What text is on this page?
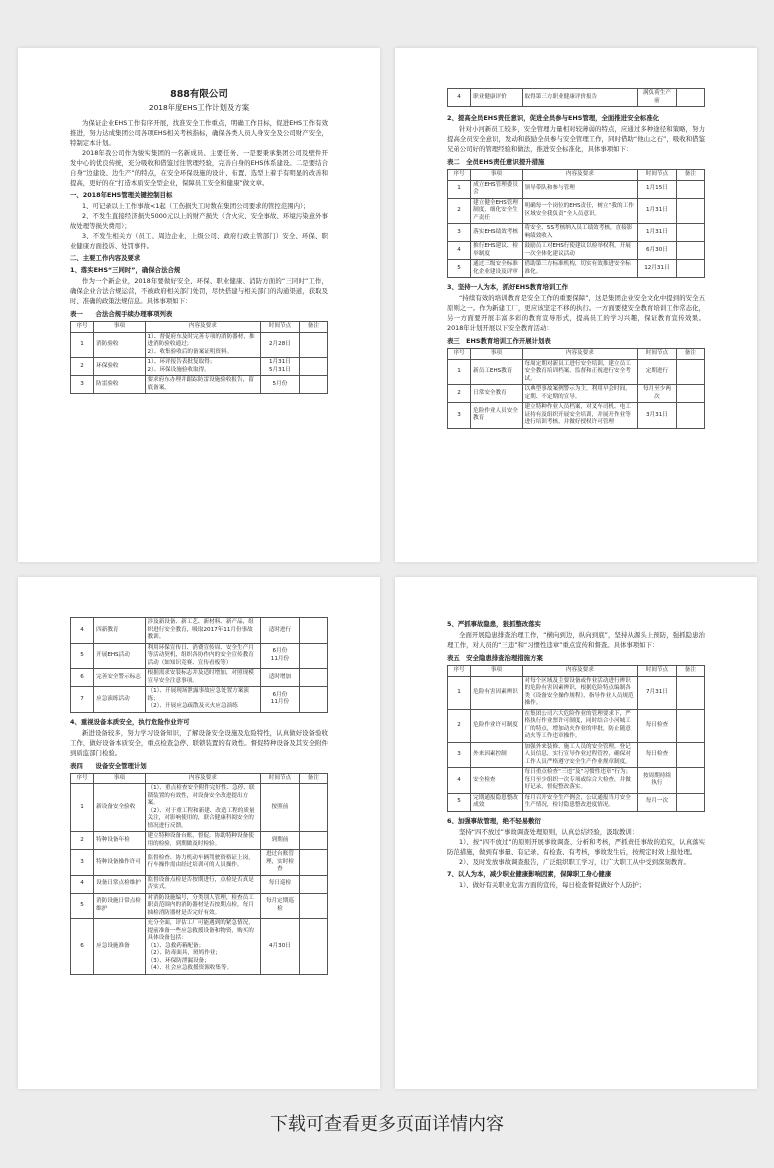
888有限公司
2018年度EHS工作计划及方案

为保证企业EHS工作有序开展，找准安全工作重点，明确工作目标，促进EHS工作有效推进，努力达成集团公司各项EHS相关考核指标，确保各类人员人身安全及公司财产安全，特制定本计划。

2018年我公司作为骏实集团的一名新成员、主要任务、一是要秉承集团公司及壁件开发中心的优良传统，充分吸收和借鉴过往管理经验，完善自身的EHS体系建设。二是要结合自身“边建设、边生产”的特点，在安全环保设施的设计、布置、选型上着手有明显的改善和提高，更好的在“打造本质安全型企业，保障员工安全和健康”做文章。

一、2018年EHS管理关键控制目标

1、可记录以上工作事故<1起（工伤损失工时数在集团公司要求的管控范围内）；

2、不发生直接经济损失5000元以上的财产损失（含火灾、安全事故、环境污染意外事故处理等损失费用）；

3、不发生相关方（员工、周边企业、上级公司、政府行政主管部门）安全、环保、职业健康方面投诉、处罚事件。

二、主要工作内容及要求
1、落实EHS“三同时”，确保合法合规

作为一个新企业，2018年要做好安全、环保、职业健康、消防方面的“三同时”工作，确保企业合法合规运营，不被政府相关部门处罚，尽快搭建与相关部门的沟通渠道，获取及时、准确的政策法规信息。具体事项如下：

表一　　合法合规手续办理事项列表
序号	事项	内容及要求	时间节点	备注
1	消防验收	1）、督促府东及时完善专项的消防器材，推进消防验收通过；
2）、收集验收后的备案证明资料。	2月28日	
2	环保验收	1）、环评报告表批复取得；
2）、环保设施验收取得。	1月31日
5月31日	
3	防雷验收	要求府东办理并跟踪防雷设施验收报告，留底备案。	5月份	
4	职业健康评价	取得第三方职业健康评价报告	满负荷生产前	
2、提高全员EHS责任意识，促进全员参与EHS管理，全面推进安全标准化

针对小河新员工较多，安全管理力量相对较薄弱的特点，应通过多种途径和策略，努力提高全员安全意识，发动和鼓励全员参与安全管理工作，同时借助“他山之石”，吸收和借鉴兄弟公司好的管理经验和做法，推进安全标准化，具体事项如下：

表二　全员EHS责任意识提升措施
序号	事项	内容及要求	时间节点	备注
1	成立EHS管理委员会	领导带队和参与管理	1月15日	
2	建立健全EHS管理制度，细化安全生产责任	明确每一个岗位的EHS责任，树立“我的工作区域安全我负责”全人员意识。	1月31日	
3	落实EHS绩效考核	将安全、5S考核纳入员工绩效考核，直接影响绩效收入	1月31日	
4	推行EHS建议、检举制度	鼓励员工对EHS行使建议以检举权利，开展一次全体化建议活动	6月30日	
5	通过三级安全标准化企业建设及评审	借助第三方标准机构，切实有效推进安全标准化。	12月31日	
3、坚持一人为本，抓好EHS教育培训工作

“持续有效的培训教育是安全工作的重要保障”，这是集团企业安全文化中提到的安全五原则之一。作为新建工厂，更应该坚定不移的执行。一方面要使安全教育培训工作常态化，另一方面要开展丰富多彩的教育宣导形式，提高员工的学习兴趣，保证教育宣传效果。2018年计划开展以下安全教育活动：

表三　EHS教育培训工作开展计划表
序号	事项	内容及要求	时间节点	备注
1	新员工EHS教育	每周定期对新员工进行安全培训，建立员工安全教育培训档案，监督和正视进行安全考试。	定期进行	
2	日常安全教育	以典型事故案例警示为主，利用早会时间，定期、不定期的宣导。	每月至少两次	
3	危险作业人员安全教育	建立特种作业人员档案，对叉车司机、电工证持有及组织开展安全培训，并展开作业等进行培训考核，并做好授权许可管理	3月31日	
4	四新教育	涉及新设备、新工艺、新材料、新产品，组织进行安全教育，吸取2017年11月份事故教训。	适时进行	
5	开展EHS活动	利用环保宣传日、消费宣传周、安全生产月等活动契机，组织各协作内的安全宣传教育活动（如知识竞赛、宣传看板等）	6月份
11月份	
6	完善安全警示标志	根据需求安装标志并及适时增加，对照现模宣导安全注意事项。	适时增加	
7	应急演练活动	（1）、开展现场泄露事故应急处置方案演练；
（2）、开展应急疏散及灭火应急演练	6月份
11月份	
4、重视设备本质安全，执行危险作业许可

新进设备较多，努力学习设备知识，了解设备安全设施及危险特性，认真做好设备验收工作，做好设备本质安全，重点检查急停、联锁装置的有效性。督促特种设备及其安全附件到质监部门检验。

表四　　设备安全管理计划
序号	事项	内容及要求	时间节点	备注
1	新设备安全验收	（1）、重点检查安全附件完好性、急停、联锁装置的有效性，对设备安全改进提出方案。
（2）、对于重工程和新建、改造工程的质量关注，对影响使用的，联合健康科阅安全的情况进行反馈。	按照前	
2	特种设备年检	建立特种设备台账，督促，协助特种设备使用的检验，到期做及时检验。	到期前	
3	特种设备操作许可	监督检查、协力机动车辆驾驶资格证上岗，行车操作需由经过培训可的人员操作。	进过台账管理，实时检查	
4	设备日常点检维护	监督设备点检是否按期进行，点检是否真是否实式。	每日巡检	
5	消防设施日常点检维护	对消防设施编号，分类别人管理，检查员工职责范围内的消防器材是否按期点检，每月抽检消防器材是否完好有效。	每月定期巡检	
6	应急设施准备	充分全面，评估工厂可能遇到的紧急情况，提前准备一些应急救援设备和物资，购买的具体设备包括：
（1）、急救药箱配备；
（2）、防毒面具，斑鸠作业；
（3）、环保防泄漏设备；
（4）、社会应急救援资源收集等。	4月30日	
5、严抓事故隐患，狠抓整改落实

全面开展隐患排查治理工作，“横向到边，纵向到底”，坚持从源头上预防，强抓隐患治理工作，对人员的“三违”和“习惯性违章”重点宣传和督查。具体事项如下：

表五　安全隐患排查治理措施方案
序号	事项	内容及要求	时间节点	备注
1	危险有害因素辨识	对每个区域及主要设备或作业活动进行辨识的危险有害因素辨识，根据危险特点编制各类《设备安全操作规程》，指导作业人员规范操作。	7月31日	
2	危险作业许可制度	在集团公司六大危险作业的管理要求下，严格执行作业票许可制度，同时结合小河城工厂的特点，增加动火作业的审批，防止随意动火等工作违章操作。	每日检查	
3	外来因素控制	加强外来装修、施工人员的安全管理，登记人员信息，实行宣导作业过程管控，确保对工作人员严格遵守安全生产作业规章制度。	每日检查	
4	安全检查	每日重点检查“三违”及“习惯性违章”行为；每月至少组织一次专项或综合大检查，并做好记录，督促整改落实。	按周期持续执行	
5	完期通报隐患整改成效	每月召开安全生产例会，公议通报当月安全生产情况，检讨隐患整改进度情况。	每月一次	
6、加强事故管理，绝不轻易敷衍

坚持“四不放过”事故调查处理原则，认真总结经验，汲取教训：

1）、按“四不放过”的原则开展事故调查、分析和考核，严抓责任事故的追究，认真落实防范措施，做到有事量、有记录、有检查、有考核，事故发生后，按规定时效上报处理。

2）、及时发放事故调查报告，广泛组织职工学习，让广大职工从中受到深刻教育。

7、以人为本，减少职业健康影响因素，保障职工身心健康

1）、做好有关职业危害方面的宣传，每日检查督促做好个人防护；

下载可查看更多页面详情内容
